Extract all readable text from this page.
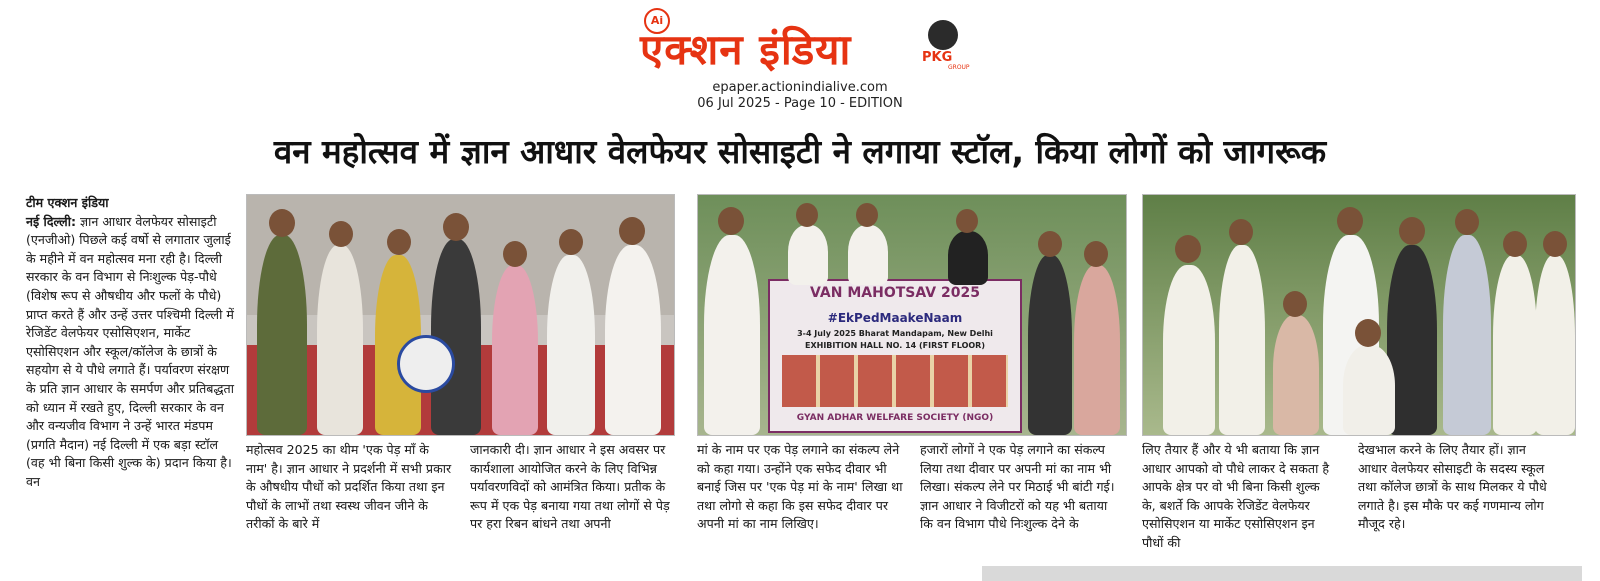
Ai
एक्शन इंडिया	PKG
GROUP
epaper.actionindialive.com
06 Jul 2025 - Page 10 - EDITION
वन महोत्सव में ज्ञान आधार वेलफेयर सोसाइटी ने लगाया स्टॉल, किया लोगों को जागरूक

टीम एक्शन इंडिया

नई दिल्ली: ज्ञान आधार वेलफेयर सोसाइटी (एनजीओ) पिछले कई वर्षो से लगातार जुलाई के महीने में वन महोत्सव मना रही है। दिल्ली सरकार के वन विभाग से निःशुल्क पेड़-पौधे (विशेष रूप से औषधीय और फलों के पौधे) प्राप्त करते हैं और उन्हें उत्तर पश्चिमी दिल्ली में रेजिडेंट वेलफेयर एसोसिएशन, मार्केट एसोसिएशन और स्कूल/कॉलेज के छात्रों के सहयोग से ये पौधे लगाते हैं। पर्यावरण संरक्षण के प्रति ज्ञान आधार के समर्पण और प्रतिबद्धता को ध्यान में रखते हुए, दिल्ली सरकार के वन और वन्यजीव विभाग ने उन्हें भारत मंडपम (प्रगति मैदान) नई दिल्ली में एक बड़ा स्टॉल (वह भी बिना किसी शुल्क के) प्रदान किया है। वन

VAN MAHOTSAV 2025
#EkPedMaakeNaam
3-4 July 2025 Bharat Mandapam, New Delhi
EXHIBITION HALL NO. 14 (FIRST FLOOR)
GYAN ADHAR WELFARE SOCIETY (NGO)
महोत्सव 2025 का थीम 'एक पेड़ माँ के नाम' है। ज्ञान आधार ने प्रदर्शनी में सभी प्रकार के औषधीय पौधों को प्रदर्शित किया तथा इन पौधों के लाभों तथा स्वस्थ जीवन जीने के तरीकों के बारे में
जानकारी दी। ज्ञान आधार ने इस अवसर पर कार्यशाला आयोजित करने के लिए विभिन्न पर्यावरणविदों को आमंत्रित किया। प्रतीक के रूप में एक पेड़ बनाया गया तथा लोगों से पेड़ पर हरा रिबन बांधने तथा अपनी
मां के नाम पर एक पेड़ लगाने का संकल्प लेने को कहा गया। उन्होंने एक सफेद दीवार भी बनाई जिस पर 'एक पेड़ मां के नाम' लिखा था तथा लोगो से कहा कि इस सफेद दीवार पर अपनी मां का नाम लिखिए।
हजारों लोगों ने एक पेड़ लगाने का संकल्प लिया तथा दीवार पर अपनी मां का नाम भी लिखा। संकल्प लेने पर मिठाई भी बांटी गई। ज्ञान आधार ने विजीटरों को यह भी बताया कि वन विभाग पौधे निःशुल्क देने के
लिए तैयार हैं और ये भी बताया कि ज्ञान आधार आपको वो पौधे लाकर दे सकता है आपके क्षेत्र पर वो भी बिना किसी शुल्क के, बशर्ते कि आपके रेजिडेंट वेलफेयर एसोसिएशन या मार्केट एसोसिएशन इन पौधों की
देखभाल करने के लिए तैयार हों। ज्ञान आधार वेलफेयर सोसाइटी के सदस्य स्कूल तथा कॉलेज छात्रों के साथ मिलकर ये पौधे लगाते है। इस मौके पर कई गणमान्य लोग मौजूद रहे।
